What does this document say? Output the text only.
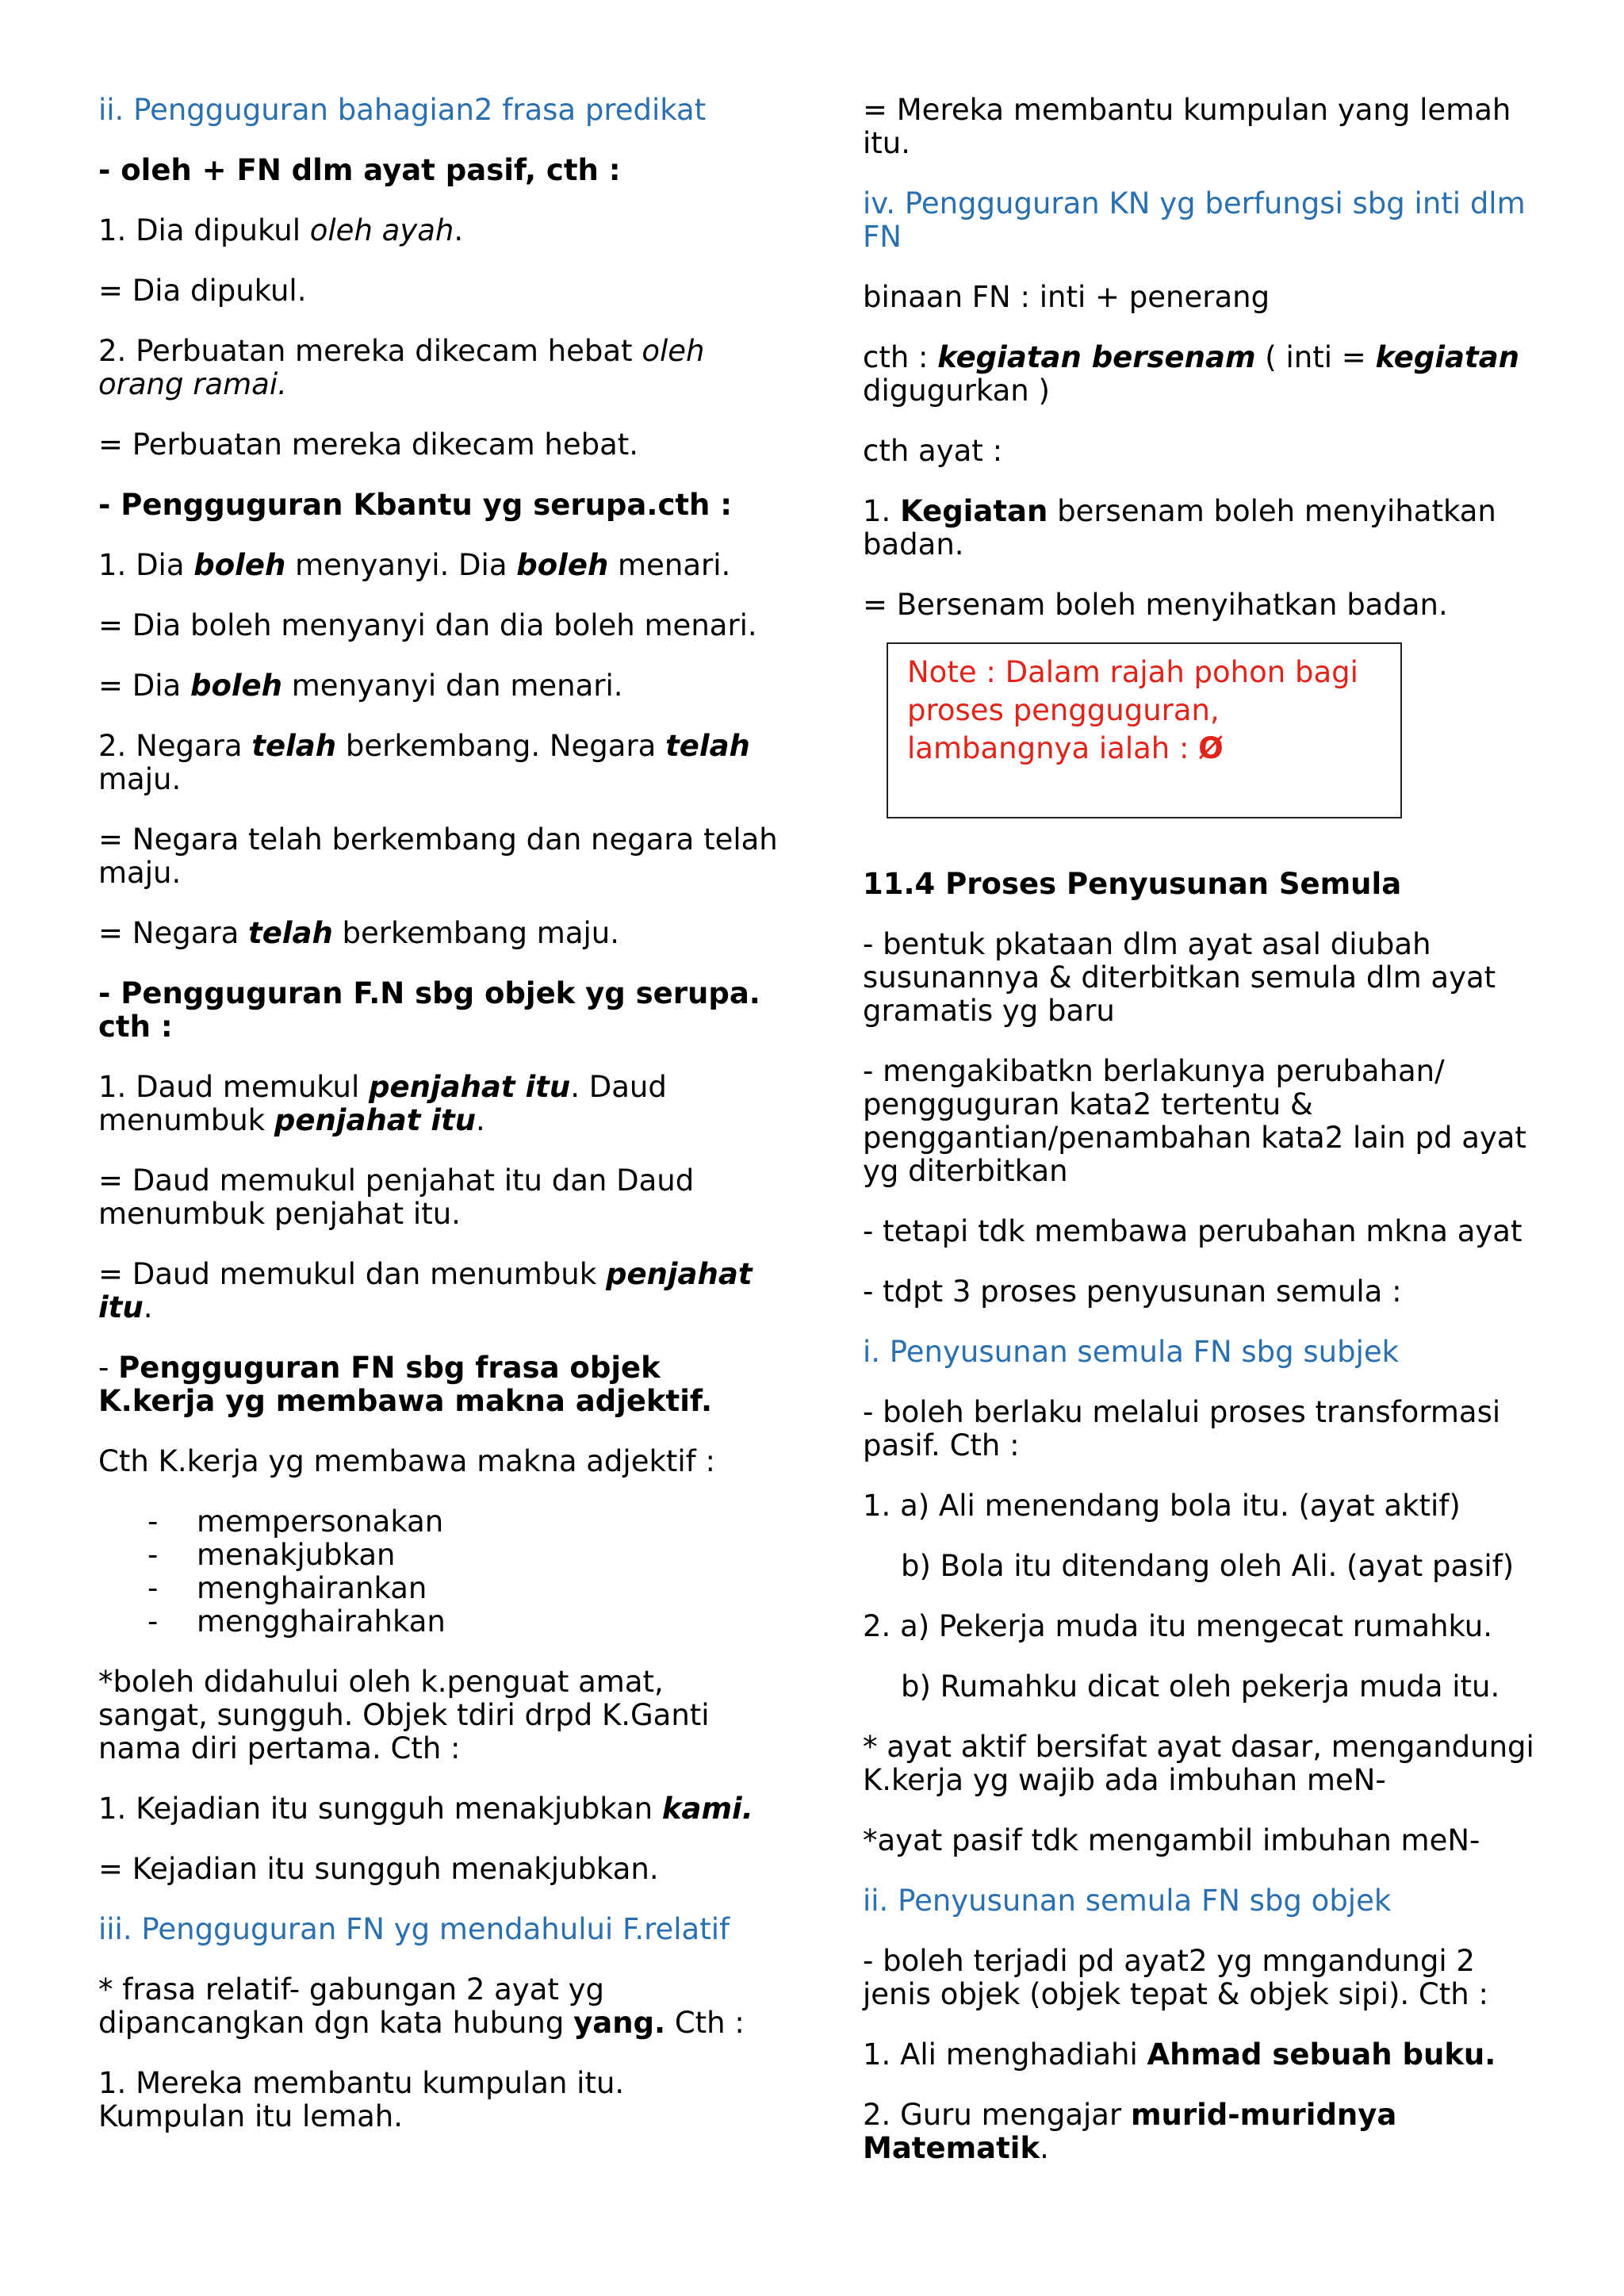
ii. Pengguguran bahagian2 frasa predikat

- oleh + FN dlm ayat pasif, cth :

1. Dia dipukul oleh ayah.

= Dia dipukul.

2. Perbuatan mereka dikecam hebat oleh orang ramai.

= Perbuatan mereka dikecam hebat.

- Pengguguran Kbantu yg serupa.cth :

1. Dia boleh menyanyi. Dia boleh menari.

= Dia boleh menyanyi dan dia boleh menari.

= Dia boleh menyanyi dan menari.

2. Negara telah berkembang. Negara telah maju.

= Negara telah berkembang dan negara telah maju.

= Negara telah berkembang maju.

- Pengguguran F.N sbg objek yg serupa. cth :

1. Daud memukul penjahat itu. Daud menumbuk penjahat itu.

= Daud memukul penjahat itu dan Daud menumbuk penjahat itu.

= Daud memukul dan menumbuk penjahat itu.

- Pengguguran FN sbg frasa objek K.kerja yg membawa makna adjektif.

Cth K.kerja yg membawa makna adjektif :

- mempersonakan
- menakjubkan
- menghairankan
- mengghairahkan

*boleh didahului oleh k.penguat amat, sangat, sungguh. Objek tdiri drpd K.Ganti nama diri pertama. Cth :

1. Kejadian itu sungguh menakjubkan kami.

= Kejadian itu sungguh menakjubkan.

iii. Pengguguran FN yg mendahului F.relatif

* frasa relatif- gabungan 2 ayat yg dipancangkan dgn kata hubung yang. Cth :

1. Mereka membantu kumpulan itu. Kumpulan itu lemah.

= Mereka membantu kumpulan yang lemah itu.

iv. Pengguguran KN yg berfungsi sbg inti dlm FN

binaan FN : inti + penerang

cth : kegiatan bersenam ( inti = kegiatan digugurkan )

cth ayat :

1. Kegiatan bersenam boleh menyihatkan badan.

= Bersenam boleh menyihatkan badan.

Note : Dalam rajah pohon bagi proses pengguguran, lambangnya ialah : Ø

11.4 Proses Penyusunan Semula

- bentuk pkataan dlm ayat asal diubah susunannya & diterbitkan semula dlm ayat gramatis yg baru

- mengakibatkn berlakunya perubahan/ pengguguran kata2 tertentu & penggantian/penambahan kata2 lain pd ayat yg diterbitkan

- tetapi tdk membawa perubahan mkna ayat

- tdpt 3 proses penyusunan semula :

i. Penyusunan semula FN sbg subjek

- boleh berlaku melalui proses transformasi pasif. Cth :

1. a) Ali menendang bola itu. (ayat aktif)

b) Bola itu ditendang oleh Ali. (ayat pasif)

2. a) Pekerja muda itu mengecat rumahku.

b) Rumahku dicat oleh pekerja muda itu.

* ayat aktif bersifat ayat dasar, mengandungi K.kerja yg wajib ada imbuhan meN-

*ayat pasif tdk mengambil imbuhan meN-

ii. Penyusunan semula FN sbg objek

- boleh terjadi pd ayat2 yg mngandungi 2 jenis objek (objek tepat & objek sipi). Cth :

1. Ali menghadiahi Ahmad sebuah buku.

2. Guru mengajar murid-muridnya Matematik.
